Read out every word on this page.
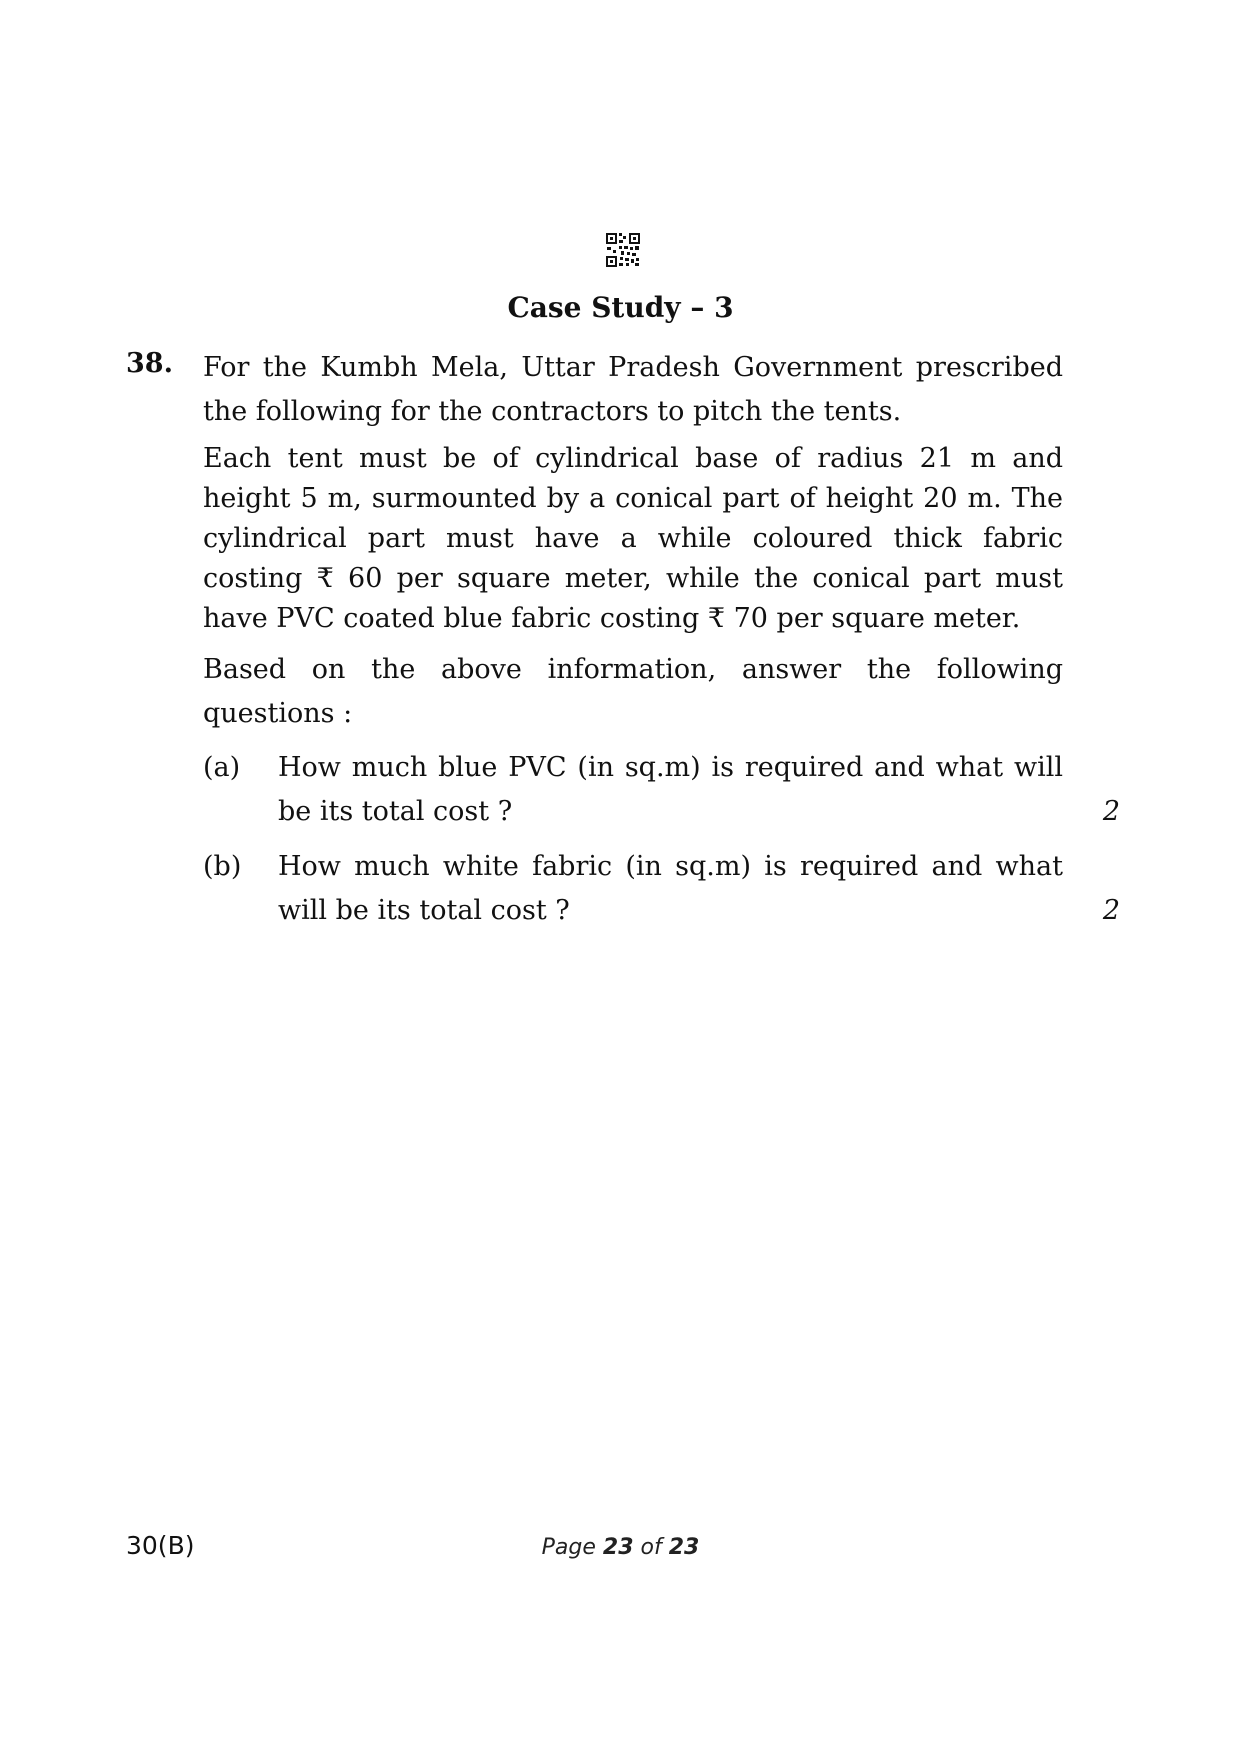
Case Study – 3
38. For the Kumbh Mela, Uttar Pradesh Government prescribed the following for the contractors to pitch the tents.

Each tent must be of cylindrical base of radius 21 m and height 5 m, surmounted by a conical part of height 20 m. The cylindrical part must have a while coloured thick fabric costing ₹ 60 per square meter, while the conical part must have PVC coated blue fabric costing ₹ 70 per square meter.

Based on the above information, answer the following questions :

(a) How much blue PVC (in sq.m) is required and what will be its total cost ?	2
(b) How much white fabric (in sq.m) is required and what will be its total cost ?	2
30(B)	Page 23 of 23
